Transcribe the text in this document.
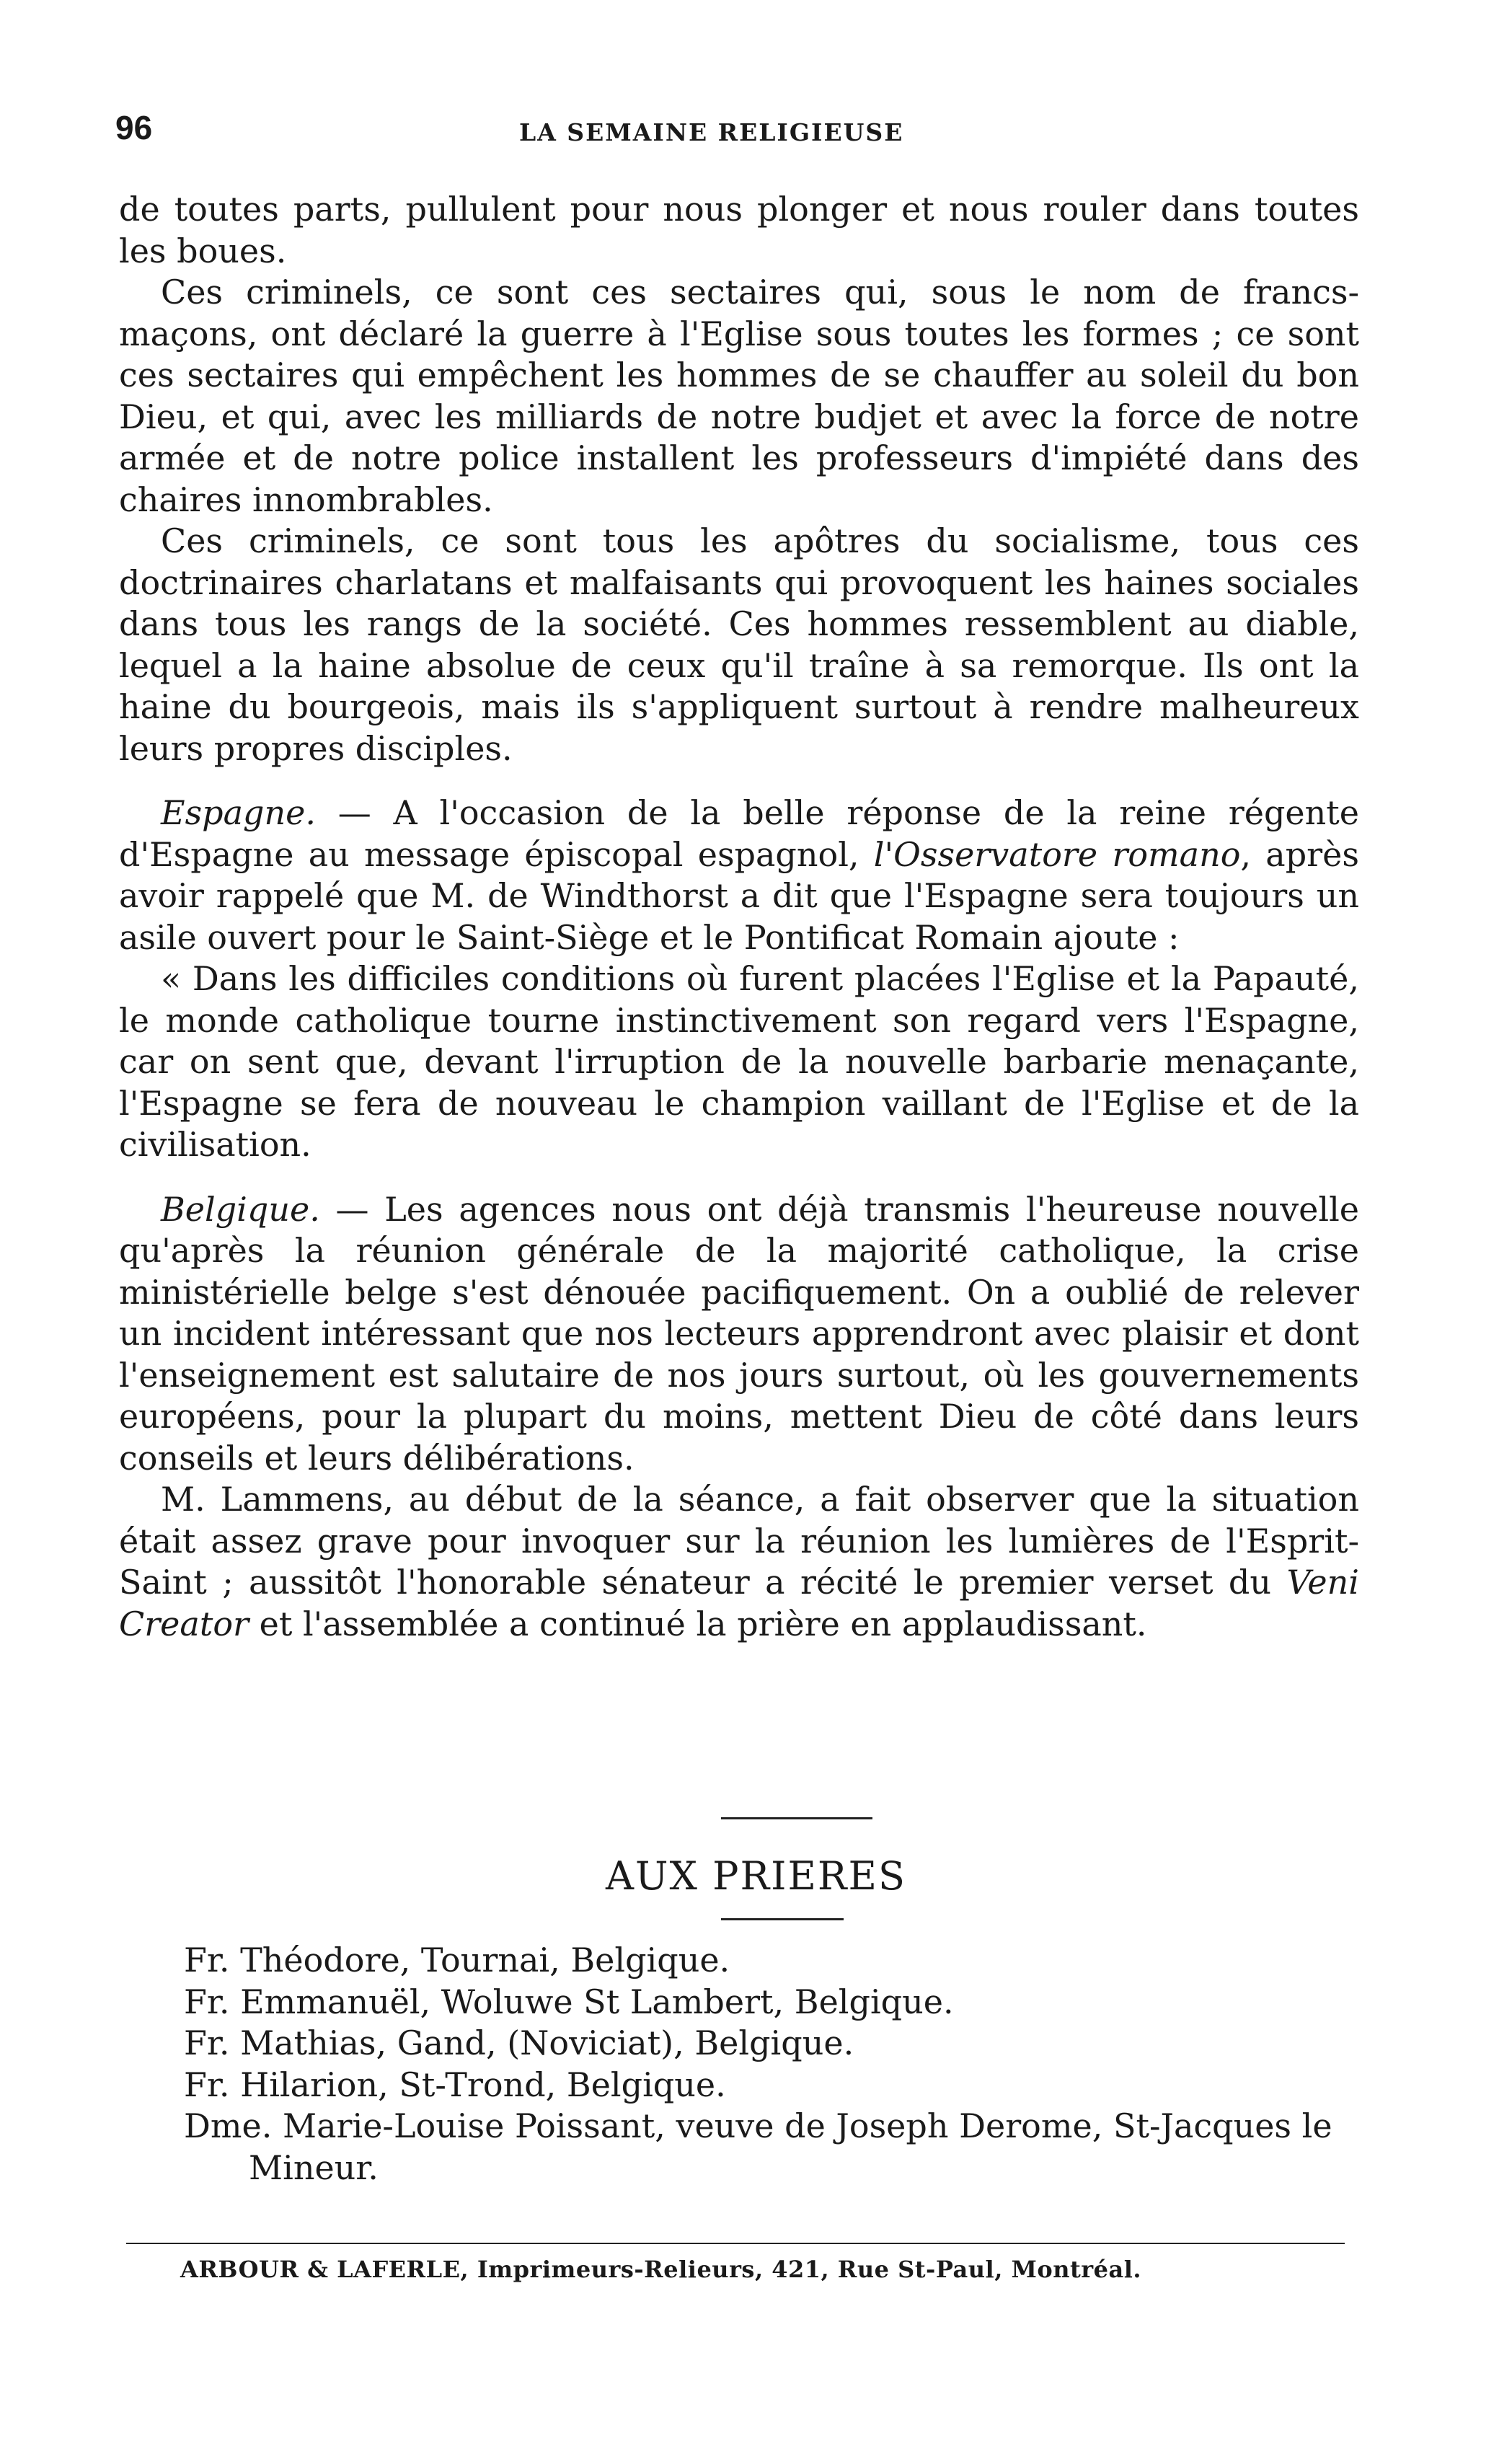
96	LA SEMAINE RELIGIEUSE

de toutes parts, pullulent pour nous plonger et nous rouler dans toutes les boues.

Ces criminels, ce sont ces sectaires qui, sous le nom de francs-maçons, ont déclaré la guerre à l'Eglise sous toutes les formes ; ce sont ces sectaires qui empêchent les hommes de se chauffer au soleil du bon Dieu, et qui, avec les milliards de notre budjet et avec la force de notre armée et de notre police installent les professeurs d'impiété dans des chaires innombrables.

Ces criminels, ce sont tous les apôtres du socialisme, tous ces doctrinaires charlatans et malfaisants qui provoquent les haines sociales dans tous les rangs de la société. Ces hommes ressemblent au diable, lequel a la haine absolue de ceux qu'il traîne à sa remorque. Ils ont la haine du bourgeois, mais ils s'appliquent surtout à rendre malheureux leurs propres disciples.

Espagne. — A l'occasion de la belle réponse de la reine régente d'Espagne au message épiscopal espagnol, l'Osservatore romano, après avoir rappelé que M. de Windthorst a dit que l'Espagne sera toujours un asile ouvert pour le Saint-Siège et le Pontificat Romain ajoute :

« Dans les difficiles conditions où furent placées l'Eglise et la Papauté, le monde catholique tourne instinctivement son regard vers l'Espagne, car on sent que, devant l'irruption de la nouvelle barbarie menaçante, l'Espagne se fera de nouveau le champion vaillant de l'Eglise et de la civilisation.

Belgique. — Les agences nous ont déjà transmis l'heureuse nouvelle qu'après la réunion générale de la majorité catholique, la crise ministérielle belge s'est dénouée pacifiquement. On a oublié de relever un incident intéressant que nos lecteurs apprendront avec plaisir et dont l'enseignement est salutaire de nos jours surtout, où les gouvernements européens, pour la plupart du moins, mettent Dieu de côté dans leurs conseils et leurs délibérations.

M. Lammens, au début de la séance, a fait observer que la situation était assez grave pour invoquer sur la réunion les lumières de l'Esprit-Saint ; aussitôt l'honorable sénateur a récité le premier verset du Veni Creator et l'assemblée a continué la prière en applaudissant.

AUX PRIERES
Fr. Théodore, Tournai, Belgique.
Fr. Emmanuël, Woluwe St Lambert, Belgique.
Fr. Mathias, Gand, (Noviciat), Belgique.
Fr. Hilarion, St-Trond, Belgique.
Dme. Marie-Louise Poissant, veuve de Joseph Derome, St-Jacques le Mineur.
ARBOUR & LAFERLE, Imprimeurs-Relieurs, 421, Rue St-Paul, Montréal.
